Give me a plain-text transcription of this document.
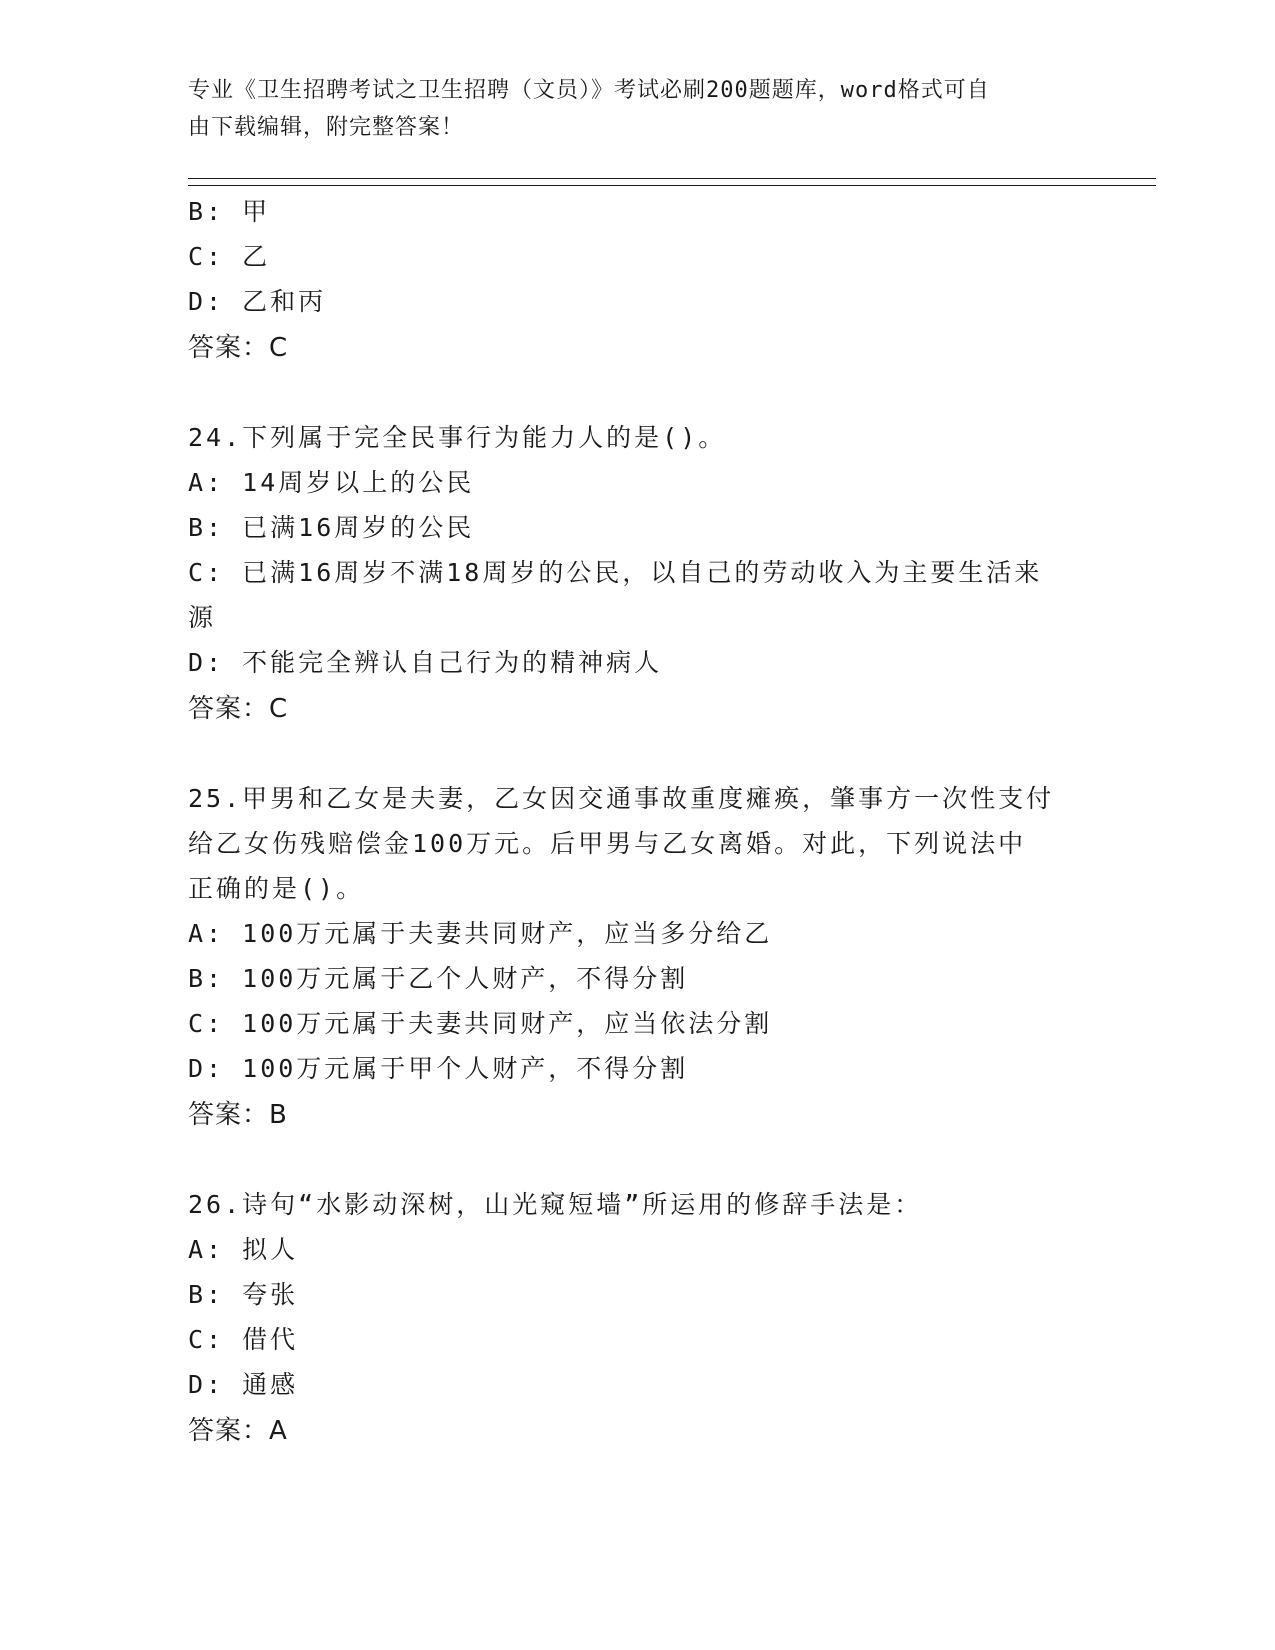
专业《卫生招聘考试之卫生招聘（文员）》考试必刷200题题库，word格式可自
由下载编辑，附完整答案！
B: 甲
C: 乙
D: 乙和丙
答案：C
24.下列属于完全民事行为能力人的是()。
A: 14周岁以上的公民
B: 已满16周岁的公民
C: 已满16周岁不满18周岁的公民，以自己的劳动收入为主要生活来
源
D: 不能完全辨认自己行为的精神病人
答案：C
25.甲男和乙女是夫妻，乙女因交通事故重度瘫痪，肇事方一次性支付
给乙女伤残赔偿金100万元。后甲男与乙女离婚。对此，下列说法中
正确的是()。
A: 100万元属于夫妻共同财产，应当多分给乙
B: 100万元属于乙个人财产，不得分割
C: 100万元属于夫妻共同财产，应当依法分割
D: 100万元属于甲个人财产，不得分割
答案：B
26.诗句“水影动深树，山光窥短墙”所运用的修辞手法是：
A: 拟人
B: 夸张
C: 借代
D: 通感
答案：A
